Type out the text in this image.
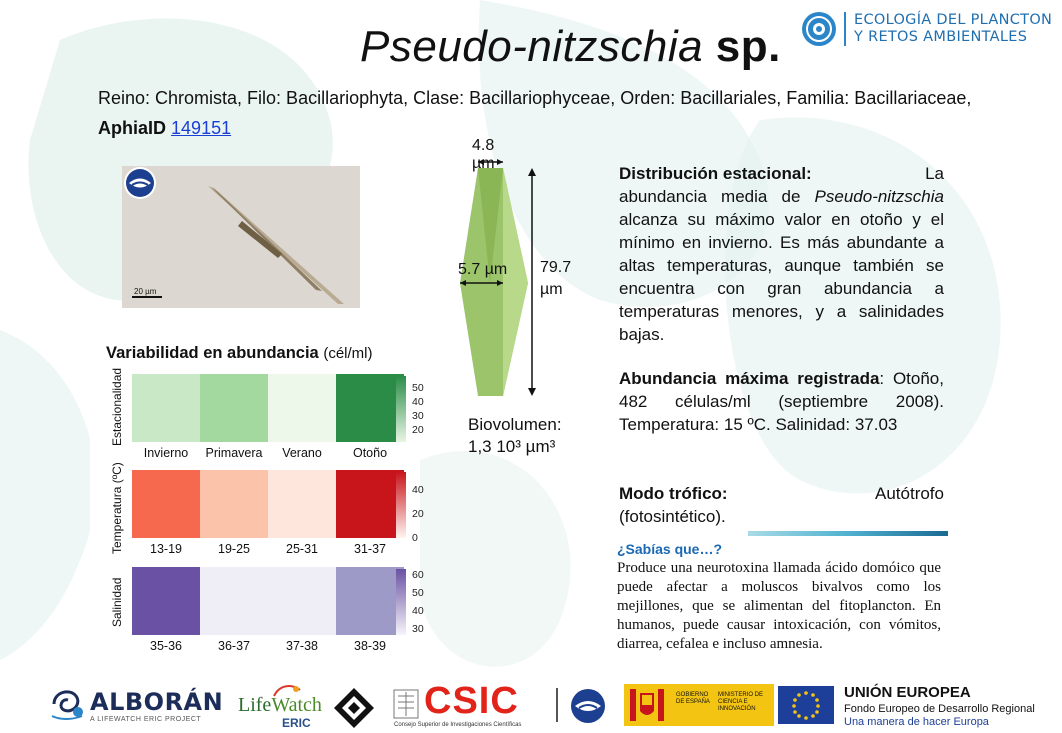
Pseudo-nitzschia sp.
ECOLOGÍA DEL PLANCTON
Y RETOS AMBIENTALES
Reino: Chromista, Filo: Bacillariophyta, Clase: Bacillariophyceae, Orden: Bacillariales, Familia: Bacillariaceae,
AphiaID 149151
20 µm
4.8 µm
5.7 µm 79.7
µm
Biovolumen:
1,3 10³ µm³
Variabilidad en abundancia (cél/ml)
Estacionalidad
Invierno	Primavera	Verano	Otoño
50
40
30
20
Temperatura (ºC)	13-19	19-25	25-31	31-37
40
20
0
Salinidad
35-36	36-37	37-38	38-39
60
50
40
30
Distribución estacional:	La
abundancia media de Pseudo-nitzschia alcanza su máximo valor en otoño y el mínimo en invierno. Es más abundante a altas temperaturas, aunque también se encuentra con gran abundancia a temperaturas menores, y a salinidades bajas.
Abundancia máxima registrada: Otoño, 482 células/ml (septiembre 2008). Temperatura: 15 ºC. Salinidad: 37.03
Modo trófico:	Autótrofo
(fotosintético).
¿Sabías que…?
Produce una neurotoxina llamada ácido domóico que puede afectar a moluscos bivalvos como los mejillones, que se alimentan del fitoplancton. En humanos, puede causar intoxicación, con vómitos, diarrea, cefalea e incluso amnesia.
ALBORÁN
A LIFEWATCH ERIC PROJECT
LifeWatch
ERIC
CSIC
Consejo Superior de Investigaciones Científicas
GOBIERNO DE ESPAÑA
MINISTERIO DE CIENCIA E INNOVACIÓN
UNIÓN EUROPEA
Fondo Europeo de Desarrollo Regional
Una manera de hacer Europa
